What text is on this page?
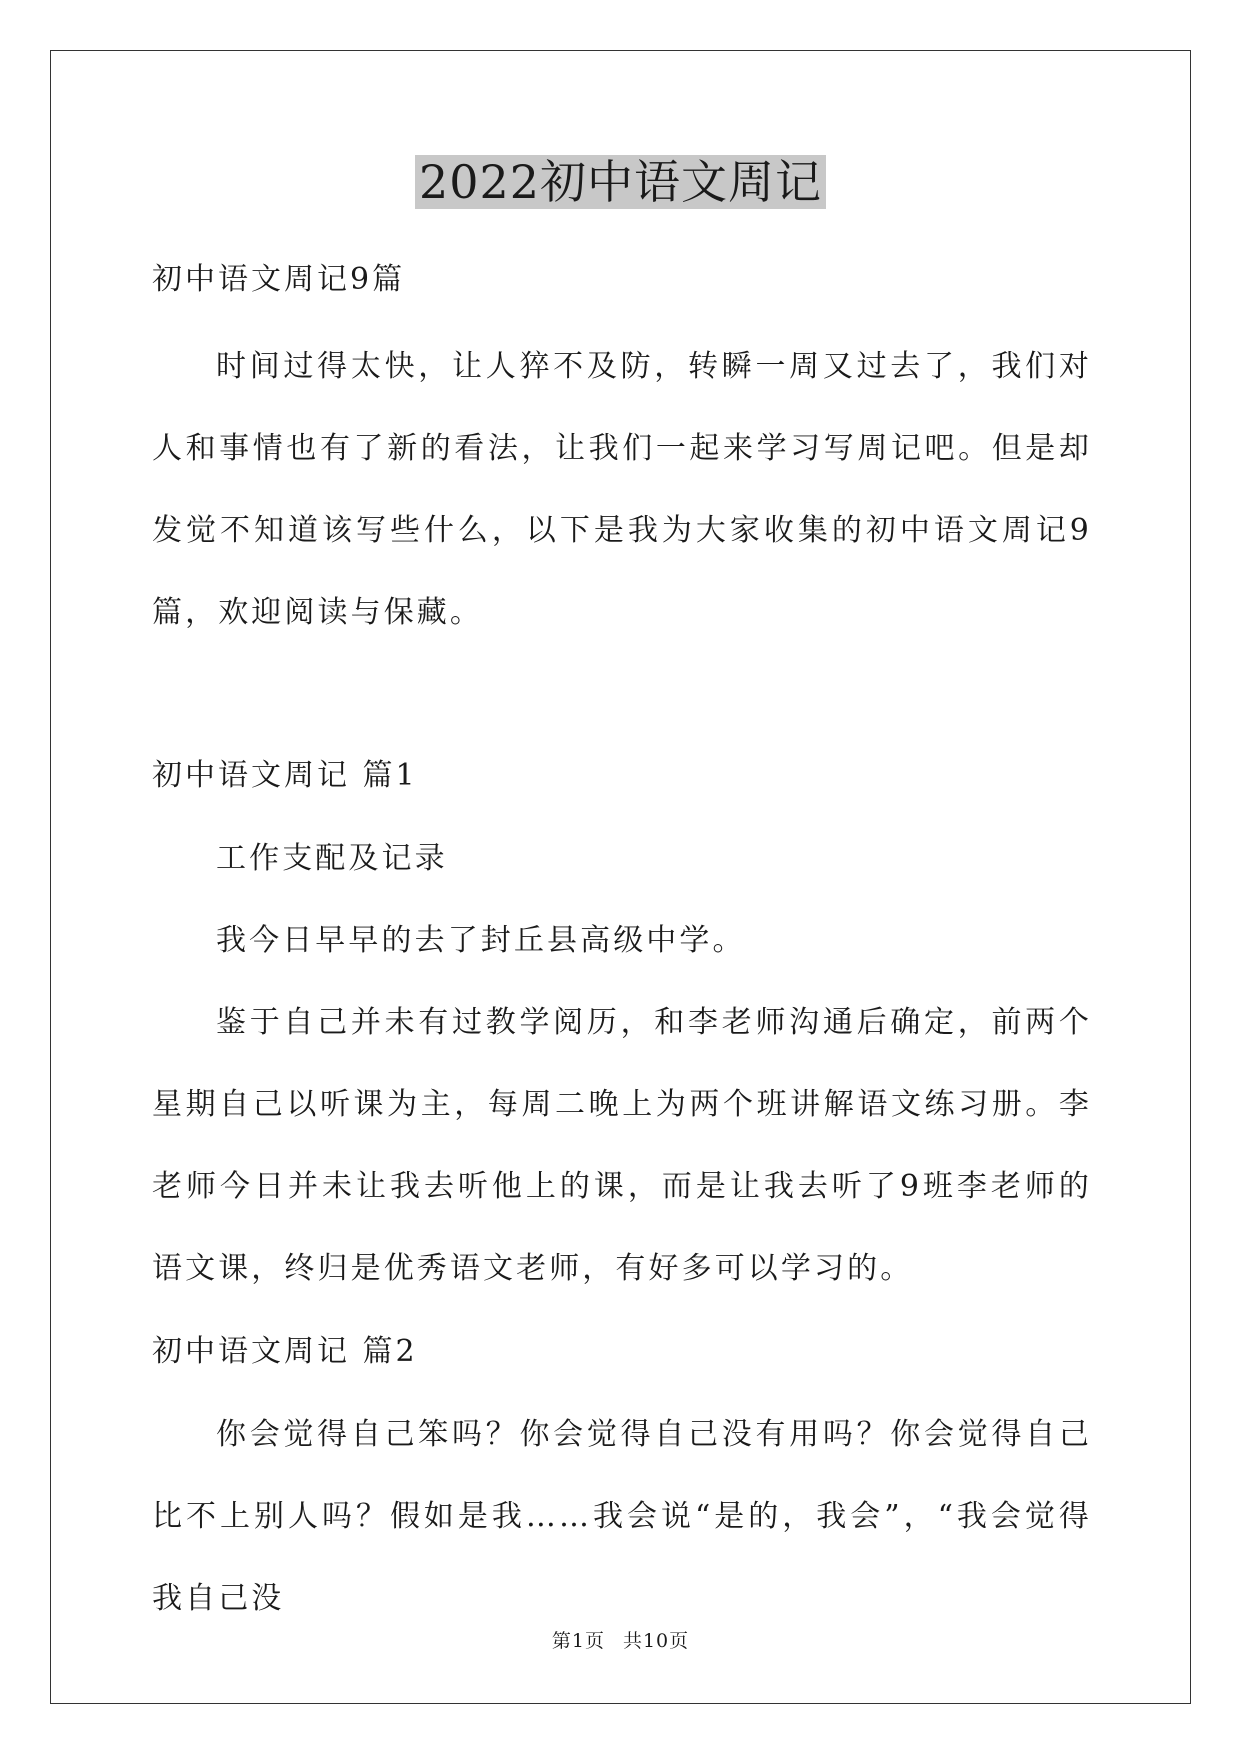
2022初中语文周记
初中语文周记9篇

时间过得太快，让人猝不及防，转瞬一周又过去了，我们对人和事情也有了新的看法，让我们一起来学习写周记吧。但是却发觉不知道该写些什么，以下是我为大家收集的初中语文周记9篇，欢迎阅读与保藏。

初中语文周记 篇1

工作支配及记录

我今日早早的去了封丘县高级中学。

鉴于自己并未有过教学阅历，和李老师沟通后确定，前两个星期自己以听课为主，每周二晚上为两个班讲解语文练习册。李老师今日并未让我去听他上的课，而是让我去听了9班李老师的语文课，终归是优秀语文老师，有好多可以学习的。

初中语文周记 篇2

你会觉得自己笨吗？你会觉得自己没有用吗？你会觉得自己比不上别人吗？假如是我……我会说“是的，我会”，“我会觉得我自己没

第1页 共10页
